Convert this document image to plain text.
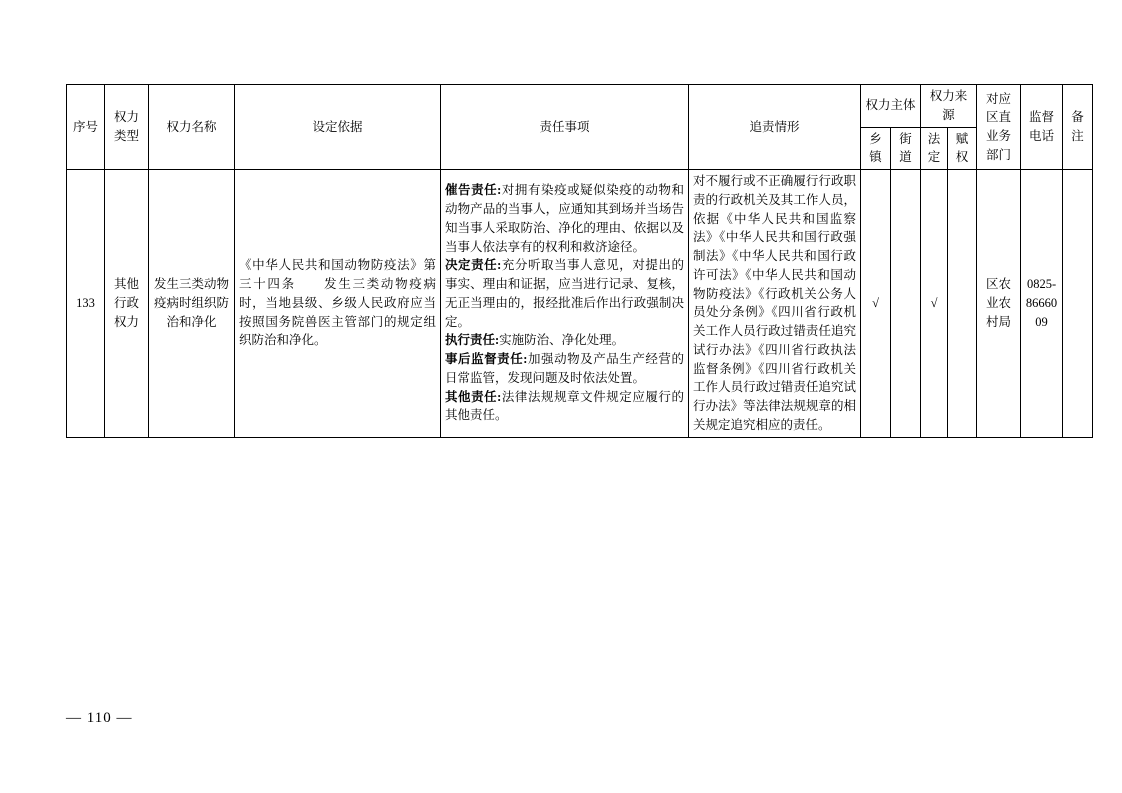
序号	权力类型	权力名称	设定依据	责任事项	追责情形	权力主体		权力来源		对应区直业务部门	监督电话	备注
						乡镇	街道	法定	赋权			
133	其他行政权力	发生三类动物疫病时组织防治和净化	《中华人民共和国动物防疫法》第三十四条　　发生三类动物疫病时，当地县级、乡级人民政府应当按照国务院兽医主管部门的规定组织防治和净化。	催告责任:对拥有染疫或疑似染疫的动物和动物产品的当事人，应通知其到场并当场告知当事人采取防治、净化的理由、依据以及当事人依法享有的权利和救济途径。

决定责任:充分听取当事人意见，对提出的事实、理由和证据，应当进行记录、复核，无正当理由的，报经批准后作出行政强制决定。

执行责任:实施防治、净化处理。

事后监督责任:加强动物及产品生产经营的日常监管，发现问题及时依法处置。

其他责任:法律法规规章文件规定应履行的其他责任。	对不履行或不正确履行行政职责的行政机关及其工作人员，依据《中华人民共和国监察法》《中华人民共和国行政强制法》《中华人民共和国行政许可法》《中华人民共和国动物防疫法》《行政机关公务人员处分条例》《四川省行政机关工作人员行政过错责任追究试行办法》《四川省行政执法监督条例》《四川省行政机关工作人员行政过错责任追究试行办法》等法律法规规章的相关规定追究相应的责任。	√		√		区农业农村局	0825-8666009	
— 110 —
